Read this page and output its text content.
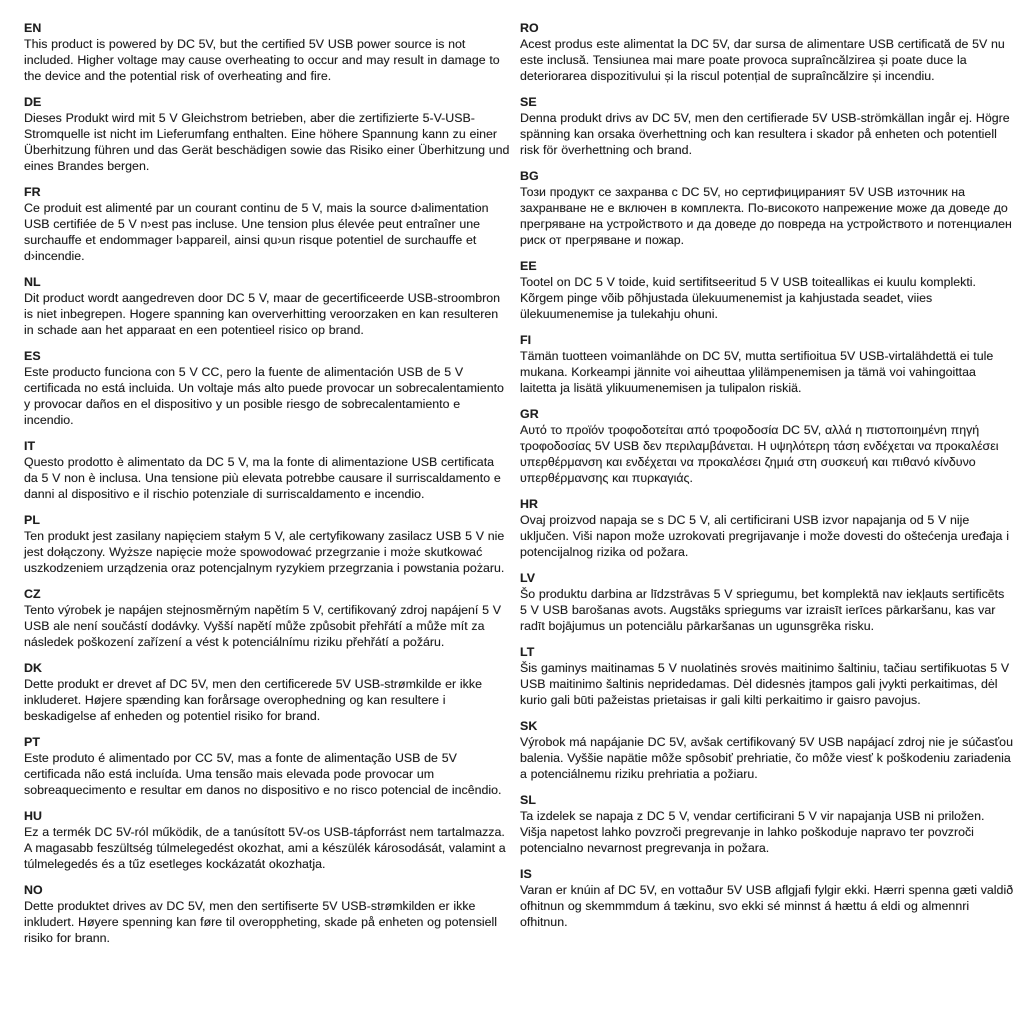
EN

This product is powered by DC 5V, but the certified 5V USB power source is not included. Higher voltage may cause overheating to occur and may result in damage to the device and the potential risk of overheating and fire.

DE

Dieses Produkt wird mit 5 V Gleichstrom betrieben, aber die zertifizierte 5-V-USB-Stromquelle ist nicht im Lieferumfang enthalten. Eine höhere Spannung kann zu einer Überhitzung führen und das Gerät beschädigen sowie das Risiko einer Überhitzung und eines Brandes bergen.

FR

Ce produit est alimenté par un courant continu de 5 V, mais la source d›alimentation USB certifiée de 5 V n›est pas incluse. Une tension plus élevée peut entraîner une surchauffe et endommager l›appareil, ainsi qu›un risque potentiel de surchauffe et d›incendie.

NL

Dit product wordt aangedreven door DC 5 V, maar de gecertificeerde USB-stroombron is niet inbegrepen. Hogere spanning kan oververhitting veroorzaken en kan resulteren in schade aan het apparaat en een potentieel risico op brand.

ES

Este producto funciona con 5 V CC, pero la fuente de alimentación USB de 5 V certificada no está incluida. Un voltaje más alto puede provocar un sobrecalentamiento y provocar daños en el dispositivo y un posible riesgo de sobrecalentamiento e incendio.

IT

Questo prodotto è alimentato da DC 5 V, ma la fonte di alimentazione USB certificata da 5 V non è inclusa. Una tensione più elevata potrebbe causare il surriscaldamento e danni al dispositivo e il rischio potenziale di surriscaldamento e incendio.

PL

Ten produkt jest zasilany napięciem stałym 5 V, ale certyfikowany zasilacz USB 5 V nie jest dołączony. Wyższe napięcie może spowodować przegrzanie i może skutkować uszkodzeniem urządzenia oraz potencjalnym ryzykiem przegrzania i powstania pożaru.

CZ

Tento výrobek je napájen stejnosměrným napětím 5 V, certifikovaný zdroj napájení 5 V USB ale není součástí dodávky. Vyšší napětí může způsobit přehřátí a může mít za následek poškození zařízení a vést k potenciálnímu riziku přehřátí a požáru.

DK

Dette produkt er drevet af DC 5V, men den certificerede 5V USB-strømkilde er ikke inkluderet. Højere spænding kan forårsage overophedning og kan resultere i beskadigelse af enheden og potentiel risiko for brand.

PT

Este produto é alimentado por CC 5V, mas a fonte de alimentação USB de 5V certificada não está incluída. Uma tensão mais elevada pode provocar um sobreaquecimento e resultar em danos no dispositivo e no risco potencial de incêndio.

HU

Ez a termék DC 5V-ról működik, de a tanúsított 5V-os USB-tápforrást nem tartalmazza. A magasabb feszültség túlmelegedést okozhat, ami a készülék károsodását, valamint a túlmelegedés és a tűz esetleges kockázatát okozhatja.

NO

Dette produktet drives av DC 5V, men den sertifiserte 5V USB-strømkilden er ikke inkludert. Høyere spenning kan føre til overoppheting, skade på enheten og potensiell risiko for brann.

RO

Acest produs este alimentat la DC 5V, dar sursa de alimentare USB certificată de 5V nu este inclusă. Tensiunea mai mare poate provoca supraîncălzirea și poate duce la deteriorarea dispozitivului și la riscul potențial de supraîncălzire și incendiu.

SE

Denna produkt drivs av DC 5V, men den certifierade 5V USB-strömkällan ingår ej. Högre spänning kan orsaka överhettning och kan resultera i skador på enheten och potentiell risk för överhettning och brand.

BG

Този продукт се захранва с DC 5V, но сертифицираният 5V USB източник на захранване не е включен в комплекта. По-високото напрежение може да доведе до прегряване на устройството и да доведе до повреда на устройството и потенциален риск от прегряване и пожар.

EE

Tootel on DC 5 V toide, kuid sertifitseeritud 5 V USB toiteallikas ei kuulu komplekti. Kõrgem pinge võib põhjustada ülekuumenemist ja kahjustada seadet, viies ülekuumenemise ja tulekahju ohuni.

FI

Tämän tuotteen voimanlähde on DC 5V, mutta sertifioitua 5V USB-virtalähdettä ei tule mukana. Korkeampi jännite voi aiheuttaa ylilämpenemisen ja tämä voi vahingoittaa laitetta ja lisätä ylikuumenemisen ja tulipalon riskiä.

GR

Αυτό το προϊόν τροφοδοτείται από τροφοδοσία DC 5V, αλλά η πιστοποιημένη πηγή τροφοδοσίας 5V USB δεν περιλαμβάνεται. Η υψηλότερη τάση ενδέχεται να προκαλέσει υπερθέρμανση και ενδέχεται να προκαλέσει ζημιά στη συσκευή και πιθανό κίνδυνο υπερθέρμανσης και πυρκαγιάς.

HR

Ovaj proizvod napaja se s DC 5 V, ali certificirani USB izvor napajanja od 5 V nije uključen. Viši napon može uzrokovati pregrijavanje i može dovesti do oštećenja uređaja i potencijalnog rizika od požara.

LV

Šo produktu darbina ar līdzstrāvas 5 V spriegumu, bet komplektā nav iekļauts sertificēts 5 V USB barošanas avots. Augstāks spriegums var izraisīt ierīces pārkaršanu, kas var radīt bojājumus un potenciālu pārkaršanas un ugunsgrēka risku.

LT

Šis gaminys maitinamas 5 V nuolatinės srovės maitinimo šaltiniu, tačiau sertifikuotas 5 V USB maitinimo šaltinis nepridedamas. Dėl didesnės įtampos gali įvykti perkaitimas, dėl kurio gali būti pažeistas prietaisas ir gali kilti perkaitimo ir gaisro pavojus.

SK

Výrobok má napájanie DC 5V, avšak certifikovaný 5V USB napájací zdroj nie je súčasťou balenia. Vyššie napätie môže spôsobiť prehriatie, čo môže viesť k poškodeniu zariadenia a potenciálnemu riziku prehriatia a požiaru.

SL

Ta izdelek se napaja z DC 5 V, vendar certificirani 5 V vir napajanja USB ni priložen. Višja napetost lahko povzroči pregrevanje in lahko poškoduje napravo ter povzroči potencialno nevarnost pregrevanja in požara.

IS

Varan er knúin af DC 5V, en vottaður 5V USB aflgjafi fylgir ekki. Hærri spenna gæti valdið ofhitnun og skemmmdum á tækinu, svo ekki sé minnst á hættu á eldi og almennri ofhitnun.
